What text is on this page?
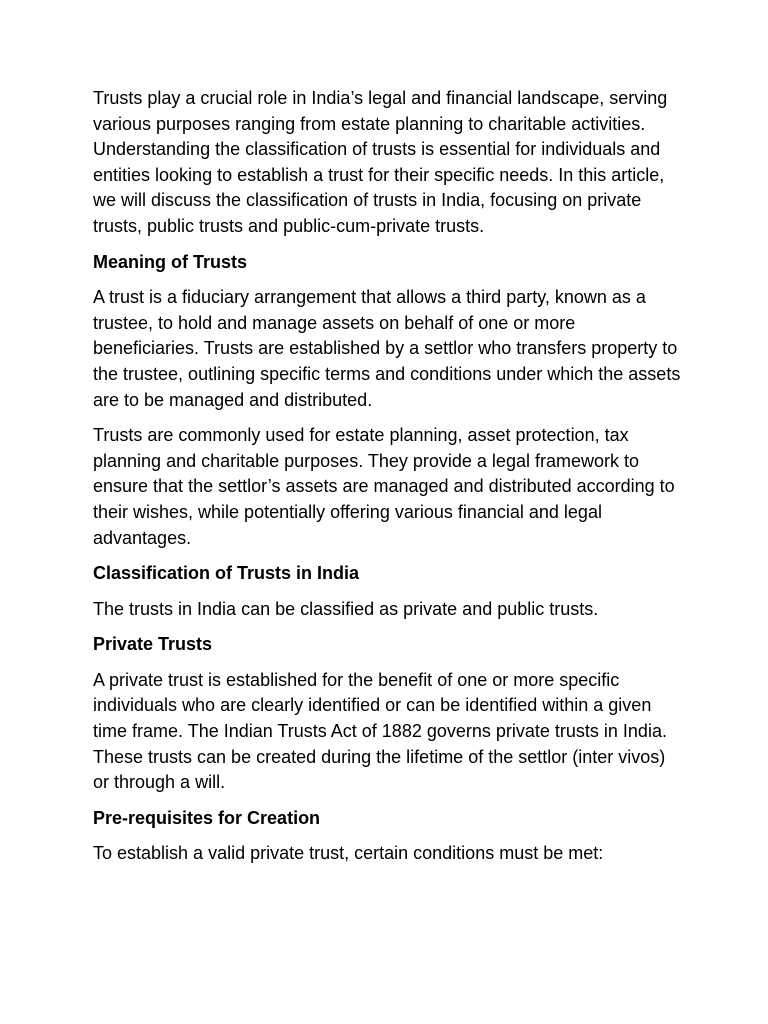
Trusts play a crucial role in India’s legal and financial landscape, serving various purposes ranging from estate planning to charitable activities. Understanding the classification of trusts is essential for individuals and entities looking to establish a trust for their specific needs. In this article, we will discuss the classification of trusts in India, focusing on private trusts, public trusts and public-cum-private trusts.

Meaning of Trusts

A trust is a fiduciary arrangement that allows a third party, known as a trustee, to hold and manage assets on behalf of one or more beneficiaries. Trusts are established by a settlor who transfers property to the trustee, outlining specific terms and conditions under which the assets are to be managed and distributed.

Trusts are commonly used for estate planning, asset protection, tax planning and charitable purposes. They provide a legal framework to ensure that the settlor’s assets are managed and distributed according to their wishes, while potentially offering various financial and legal advantages.

Classification of Trusts in India

The trusts in India can be classified as private and public trusts.

Private Trusts

A private trust is established for the benefit of one or more specific individuals who are clearly identified or can be identified within a given time frame. The Indian Trusts Act of 1882 governs private trusts in India. These trusts can be created during the lifetime of the settlor (inter vivos) or through a will.

Pre-requisites for Creation

To establish a valid private trust, certain conditions must be met:
